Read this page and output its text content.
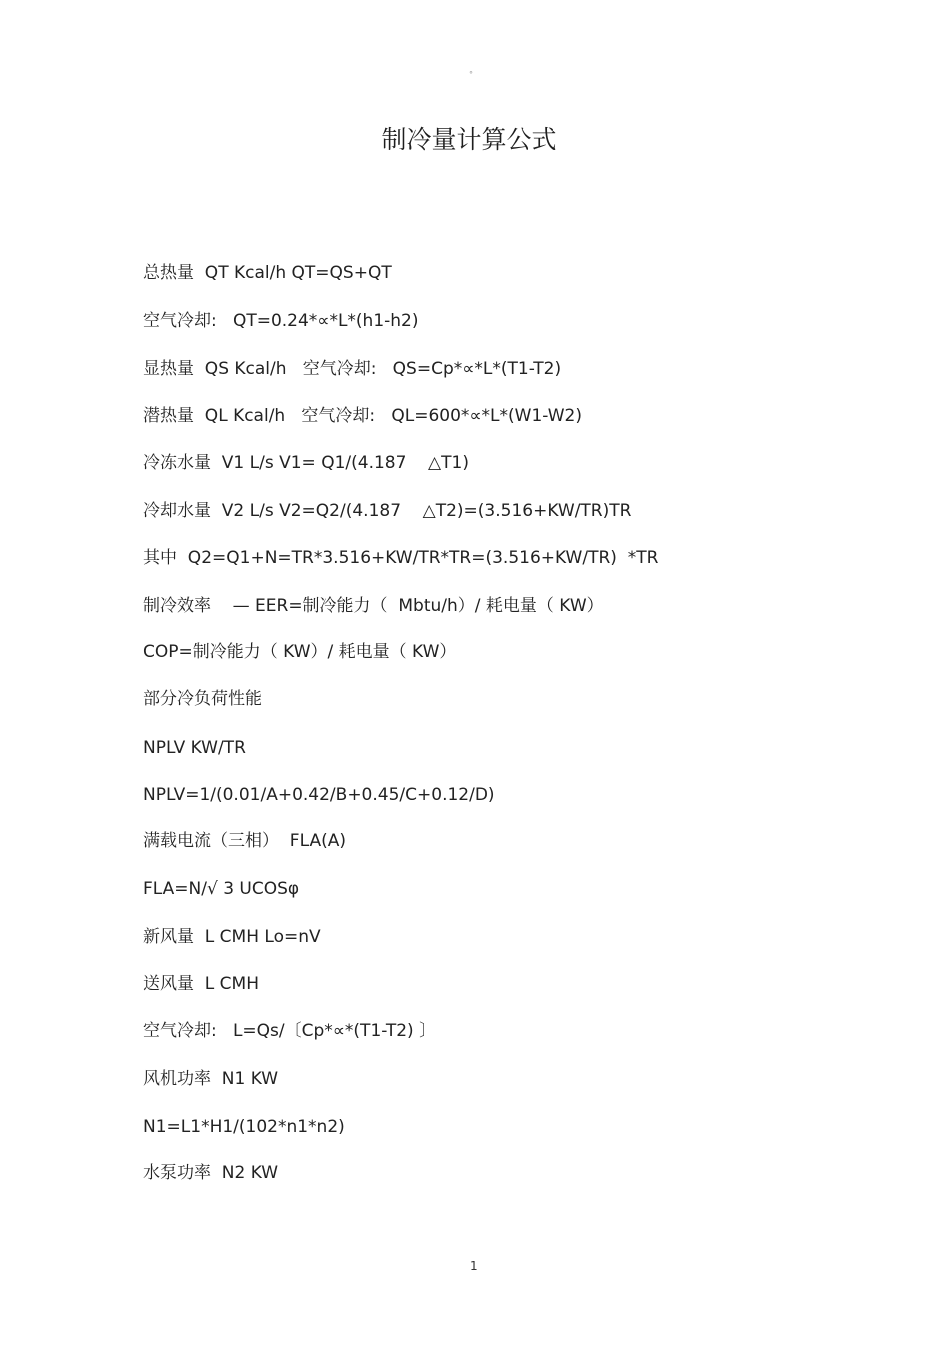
°
制冷量计算公式
总热量  QT Kcal/h QT=QS+QT
空气冷却:   QT=0.24*∝*L*(h1-h2)
显热量  QS Kcal/h   空气冷却:   QS=Cp*∝*L*(T1-T2)
潜热量  QL Kcal/h   空气冷却:   QL=600*∝*L*(W1-W2)
冷冻水量  V1 L/s V1= Q1/(4.187    △T1)
冷却水量  V2 L/s V2=Q2/(4.187    △T2)=(3.516+KW/TR)TR
其中  Q2=Q1+N=TR*3.516+KW/TR*TR=(3.516+KW/TR)  *TR
制冷效率    — EER=制冷能力（  Mbtu/h）/ 耗电量（ KW）
COP=制冷能力（ KW）/ 耗电量（ KW）
部分冷负荷性能
NPLV KW/TR
NPLV=1/(0.01/A+0.42/B+0.45/C+0.12/D)
满载电流（三相）  FLA(A)
FLA=N/√ 3 UCOSφ
新风量  L CMH Lo=nV
送风量  L CMH
空气冷却:   L=Qs/〔Cp*∝*(T1-T2) 〕
风机功率  N1 KW
N1=L1*H1/(102*n1*n2)
水泵功率  N2 KW
1
